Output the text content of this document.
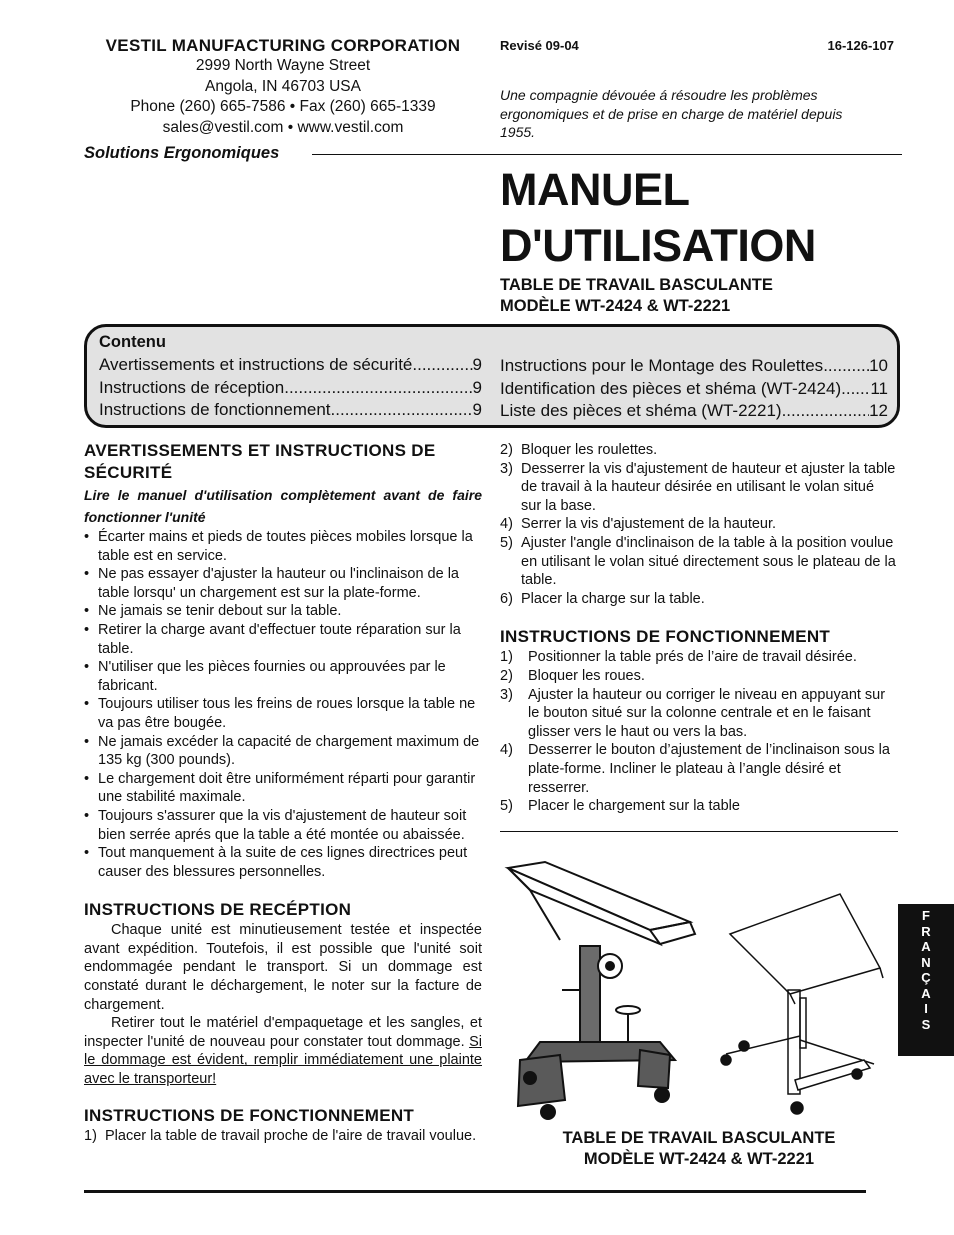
VESTIL MANUFACTURING CORPORATION
2999 North Wayne Street
Angola, IN 46703 USA
Phone (260) 665-7586 • Fax (260) 665-1339
sales@vestil.com • www.vestil.com
Revisé 09-04	16-126-107
Une compagnie dévouée á résoudre les problèmes ergonomiques et de prise en charge de matériel depuis 1955.
Solutions Ergonomiques
MANUEL
D'UTILISATION
TABLE DE TRAVAIL BASCULANTE
MODÈLE WT-2424 & WT-2221
Contenu
Avertissements et instructions de sécurité .....	9
Instructions de réception .....	9
Instructions de fonctionnement .....	9
Instructions pour le Montage des Roulettes .....	10
Identification des pièces et shéma (WT-2424) ..... 11
Liste des pièces et shéma (WT-2221) .....	12
AVERTISSEMENTS ET INSTRUCTIONS DE SÉCURITÉ
Lire le manuel d'utilisation complètement avant de faire fonctionner l'unité
• Écarter mains et pieds de toutes pièces mobiles lorsque la table est en service.
• Ne pas essayer d'ajuster la hauteur ou l'inclinaison de la table lorsqu' un chargement est sur la plate-forme.
• Ne jamais se tenir debout sur la table.
• Retirer la charge avant d'effectuer toute réparation sur la table.
• N'utiliser que les pièces fournies ou approuvées par le fabricant.
• Toujours utiliser tous les freins de roues lorsque la table ne va pas être bougée.
• Ne jamais excéder la capacité de chargement maximum de 135 kg (300 pounds).
• Le chargement doit être uniformément réparti pour garantir une stabilité maximale.
• Toujours s'assurer que la vis d'ajustement de hauteur soit bien serrée aprés que la table a été montée ou abaissée.
• Tout manquement à la suite de ces lignes directrices peut causer des blessures personnelles.
INSTRUCTIONS DE RECÉPTION
Chaque unité est minutieusement testée et inspectée avant expédition. Toutefois, il est possible que l'unité soit endommagée pendant le transport. Si un dommage est constaté durant le déchargement, le noter sur la facture de chargement.
Retirer tout le matériel d'empaquetage et les sangles, et inspecter l'unité de nouveau pour constater tout dommage. Si le dommage est évident, remplir immédiatement une plainte avec le transporteur!
INSTRUCTIONS DE FONCTIONNEMENT
1) Placer la table de travail proche de l'aire de travail voulue.
2) Bloquer les roulettes.
3) Desserrer la vis d'ajustement de hauteur et ajuster la table de travail à la hauteur désirée en utilisant le volan situé sur la base.
4) Serrer la vis d'ajustement de la hauteur.
5) Ajuster l'angle d'inclinaison de la table à la position voulue en utilisant le volan situé directement sous le plateau de la table.
6) Placer la charge sur la table.
INSTRUCTIONS DE FONCTIONNEMENT
1) Positionner la table prés de l’aire de travail désirée.
2) Bloquer les roues.
3) Ajuster la hauteur ou corriger le niveau en appuyant sur le bouton situé sur la colonne centrale et en le faisant glisser vers le haut ou vers la bas.
4) Desserrer le bouton d’ajustement de l’inclinaison sous la plate-forme. Incliner le plateau à l’angle désiré et resserrer.
5) Placer le chargement sur la table
TABLE DE TRAVAIL BASCULANTE
MODÈLE WT-2424 & WT-2221
F
R
A
N
Ç
A
I
S
